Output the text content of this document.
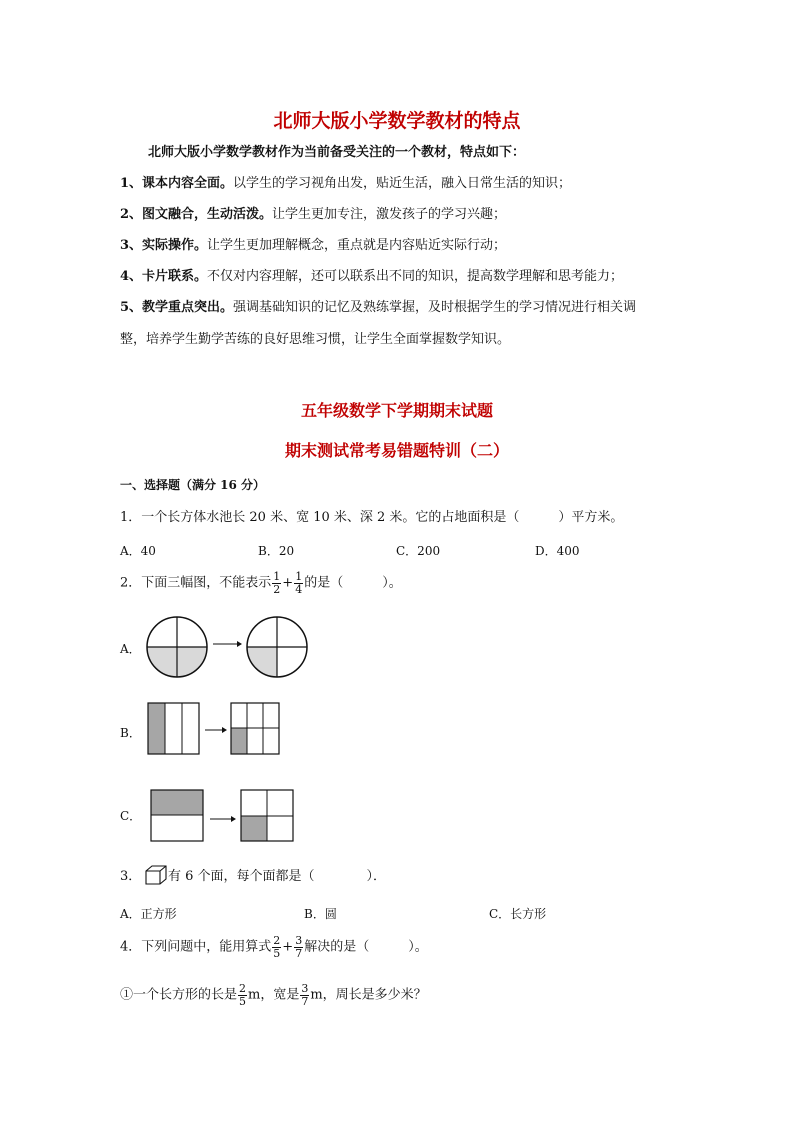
北师大版小学数学教材的特点
北师大版小学数学教材作为当前备受关注的一个教材，特点如下：
1、课本内容全面。以学生的学习视角出发，贴近生活，融入日常生活的知识；
2、图文融合，生动活泼。让学生更加专注，激发孩子的学习兴趣；
3、实际操作。让学生更加理解概念，重点就是内容贴近实际行动；
4、卡片联系。不仅对内容理解，还可以联系出不同的知识，提高数学理解和思考能力；
5、教学重点突出。强调基础知识的记忆及熟练掌握，及时根据学生的学习情况进行相关调
整，培养学生勤学苦练的良好思维习惯，让学生全面掌握数学知识。
五年级数学下学期期末试题
期末测试常考易错题特训（二）
一、选择题（满分 16 分）
1．一个长方体水池长 20 米、宽 10 米、深 2 米。它的占地面积是（　　　）平方米。
A．40	B．20	C．200	D．400
2．下面三幅图，不能表示 $\frac{1}{2} + \frac{1}{4}$ 的是（　　　）。
A．
B．
C．
3． 有 6 个面，每个面都是（　　　　）．
A．正方形	B．圆	C．长方形
4．下列问题中，能用算式 $\frac{2}{5} + \frac{3}{7}$ 解决的是（　　　）。
①一个长方形的长是 $\frac{2}{5}$ m，宽是 $\frac{3}{7}$ m，周长是多少米？
